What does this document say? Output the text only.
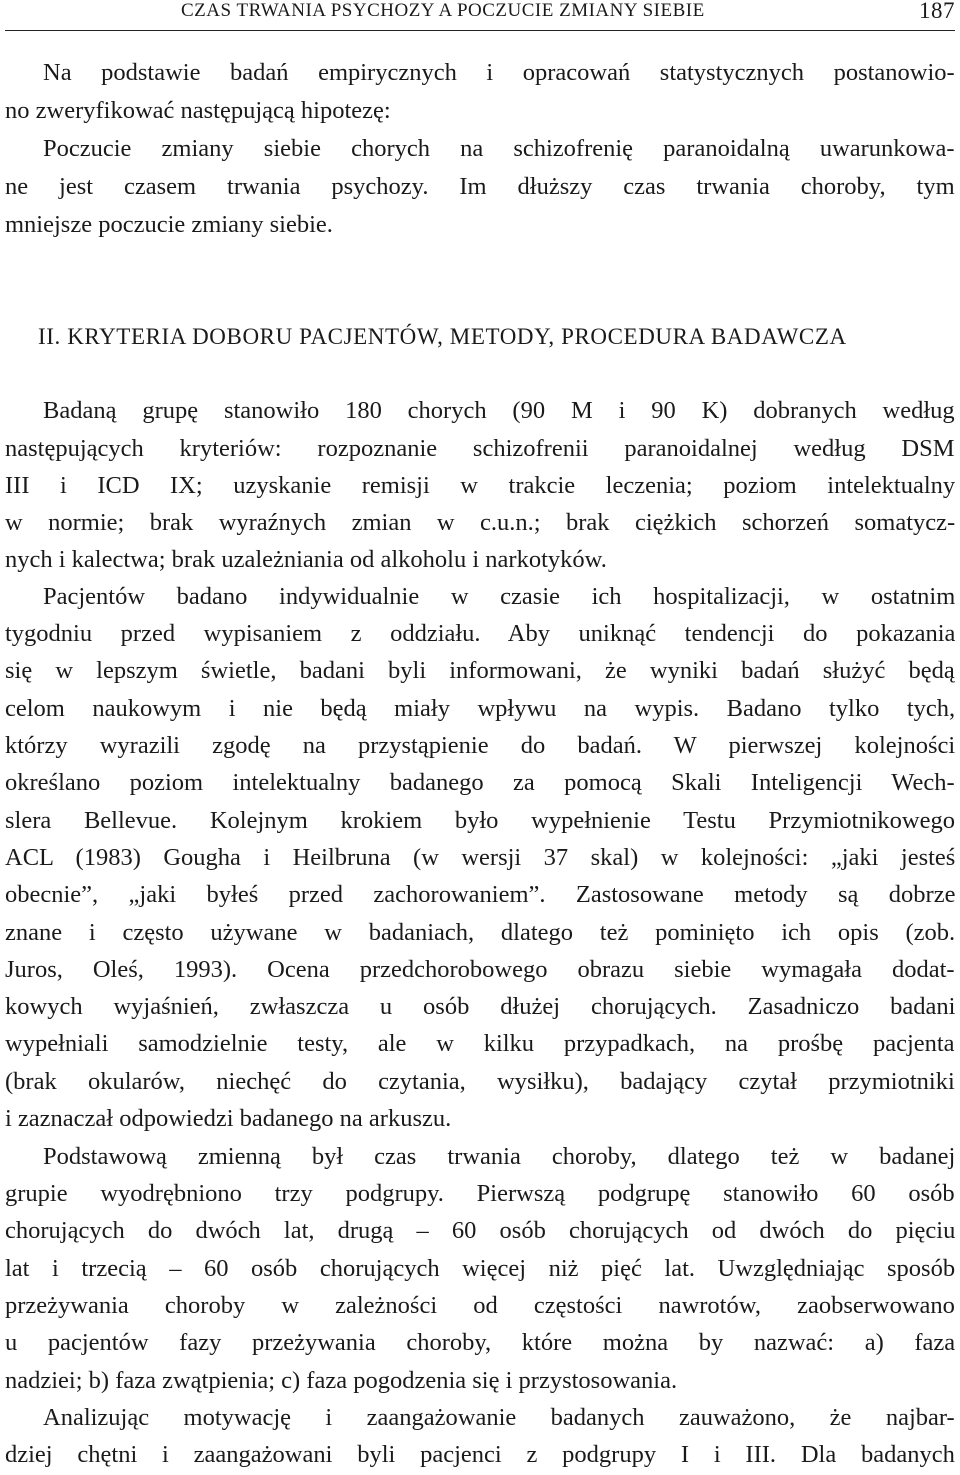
CZAS TRWANIA PSYCHOZY A POCZUCIE ZMIANY SIEBIE	187
Na podstawie badań empirycznych i opracowań statystycznych postanowio-
no zweryfikować następującą hipotezę:
Poczucie zmiany siebie chorych na schizofrenię paranoidalną uwarunkowa-
ne jest czasem trwania psychozy. Im dłuższy czas trwania choroby, tym
mniejsze poczucie zmiany siebie.
II. KRYTERIA DOBORU PACJENTÓW, METODY, PROCEDURA BADAWCZA
Badaną grupę stanowiło 180 chorych (90 M i 90 K) dobranych według
następujących kryteriów: rozpoznanie schizofrenii paranoidalnej według DSM
III i ICD IX; uzyskanie remisji w trakcie leczenia; poziom intelektualny
w normie; brak wyraźnych zmian w c.u.n.; brak ciężkich schorzeń somatycz-
nych i kalectwa; brak uzależniania od alkoholu i narkotyków.
Pacjentów badano indywidualnie w czasie ich hospitalizacji, w ostatnim
tygodniu przed wypisaniem z oddziału. Aby uniknąć tendencji do pokazania
się w lepszym świetle, badani byli informowani, że wyniki badań służyć będą
celom naukowym i nie będą miały wpływu na wypis. Badano tylko tych,
którzy wyrazili zgodę na przystąpienie do badań. W pierwszej kolejności
określano poziom intelektualny badanego za pomocą Skali Inteligencji Wech-
slera Bellevue. Kolejnym krokiem było wypełnienie Testu Przymiotnikowego
ACL (1983) Gougha i Heilbruna (w wersji 37 skal) w kolejności: „jaki jesteś
obecnie”, „jaki byłeś przed zachorowaniem”. Zastosowane metody są dobrze
znane i często używane w badaniach, dlatego też pominięto ich opis (zob.
Juros, Oleś, 1993). Ocena przedchorobowego obrazu siebie wymagała dodat-
kowych wyjaśnień, zwłaszcza u osób dłużej chorujących. Zasadniczo badani
wypełniali samodzielnie testy, ale w kilku przypadkach, na prośbę pacjenta
(brak okularów, niechęć do czytania, wysiłku), badający czytał przymiotniki
i zaznaczał odpowiedzi badanego na arkuszu.
Podstawową zmienną był czas trwania choroby, dlatego też w badanej
grupie wyodrębniono trzy podgrupy. Pierwszą podgrupę stanowiło 60 osób
chorujących do dwóch lat, drugą – 60 osób chorujących od dwóch do pięciu
lat i trzecią – 60 osób chorujących więcej niż pięć lat. Uwzględniając sposób
przeżywania choroby w zależności od częstości nawrotów, zaobserwowano
u pacjentów fazy przeżywania choroby, które można by nazwać: a) faza
nadziei; b) faza zwątpienia; c) faza pogodzenia się i przystosowania.
Analizując motywację i zaangażowanie badanych zauważono, że najbar-
dziej chętni i zaangażowani byli pacjenci z podgrupy I i III. Dla badanych
